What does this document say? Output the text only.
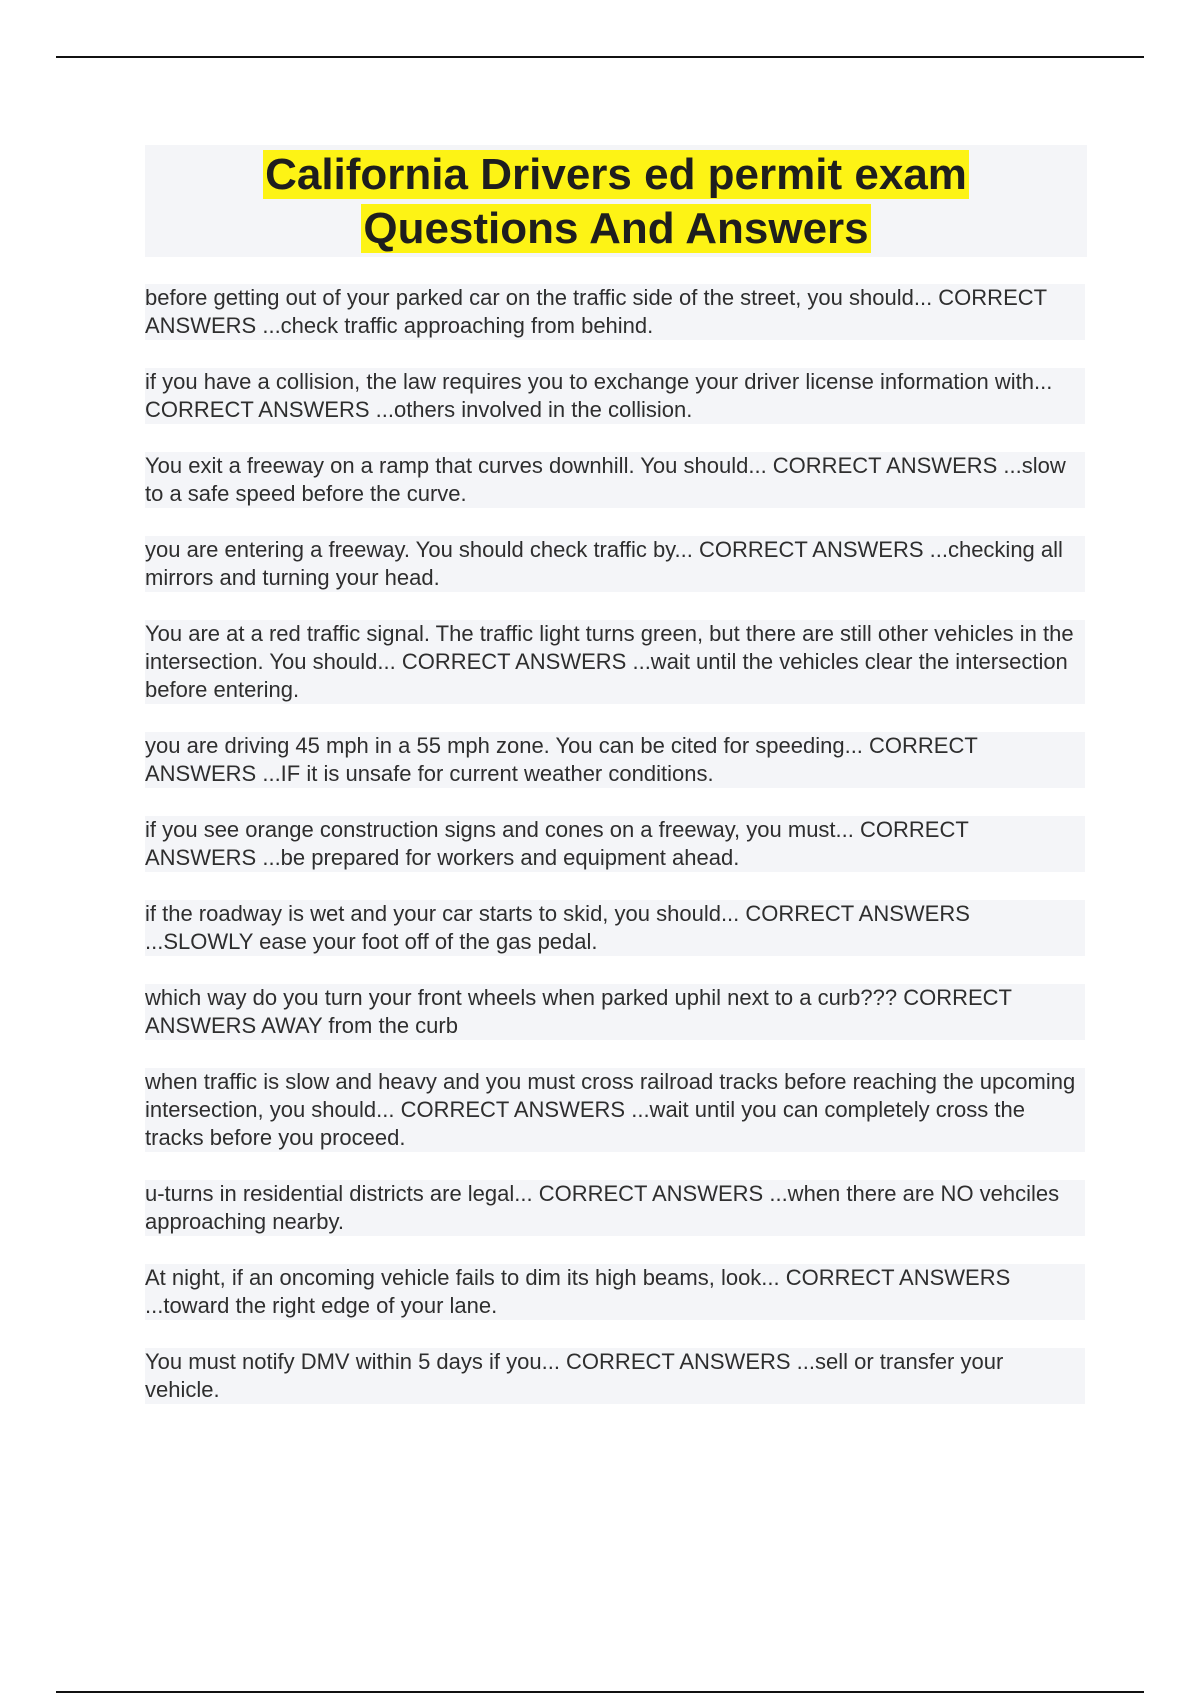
California Drivers ed permit exam
Questions And Answers

before getting out of your parked car on the traffic side of the street, you should... CORRECT ANSWERS ...check traffic approaching from behind.

if you have a collision, the law requires you to exchange your driver license information with... CORRECT ANSWERS ...others involved in the collision.

You exit a freeway on a ramp that curves downhill. You should... CORRECT ANSWERS ...slow to a safe speed before the curve.

you are entering a freeway. You should check traffic by... CORRECT ANSWERS ...checking all mirrors and turning your head.

You are at a red traffic signal. The traffic light turns green, but there are still other vehicles in the intersection. You should... CORRECT ANSWERS ...wait until the vehicles clear the intersection before entering.

you are driving 45 mph in a 55 mph zone. You can be cited for speeding... CORRECT ANSWERS ...IF it is unsafe for current weather conditions.

if you see orange construction signs and cones on a freeway, you must... CORRECT ANSWERS ...be prepared for workers and equipment ahead.

if the roadway is wet and your car starts to skid, you should... CORRECT ANSWERS ...SLOWLY ease your foot off of the gas pedal.

which way do you turn your front wheels when parked uphil next to a curb??? CORRECT ANSWERS AWAY from the curb

when traffic is slow and heavy and you must cross railroad tracks before reaching the upcoming intersection, you should... CORRECT ANSWERS ...wait until you can completely cross the tracks before you proceed.

u-turns in residential districts are legal... CORRECT ANSWERS ...when there are NO vehciles approaching nearby.

At night, if an oncoming vehicle fails to dim its high beams, look... CORRECT ANSWERS ...toward the right edge of your lane.

You must notify DMV within 5 days if you... CORRECT ANSWERS ...sell or transfer your vehicle.
